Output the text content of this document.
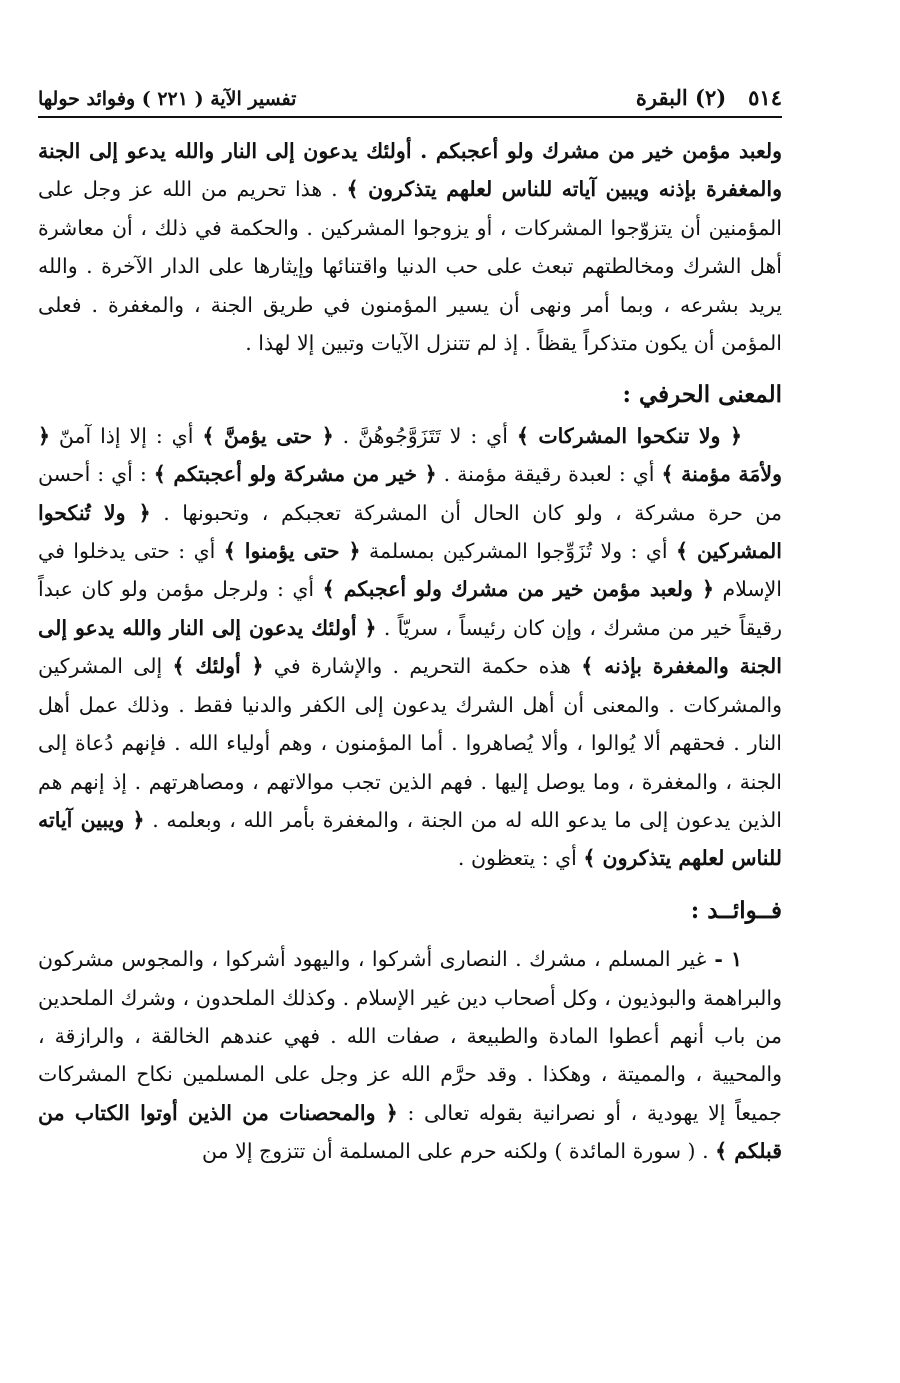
٥١٤
(٢) البقرة
تفسير الآية ( ٢٢١ ) وفوائد حولها

ولعبد مؤمن خير من مشرك ولو أعجبكم . أولئك يدعون إلى النار والله يدعو إلى الجنة والمغفرة بإذنه ويبين آياته للناس لعلهم يتذكرون ﴾ . هذا تحريم من الله عز وجل على المؤمنين أن يتزوّجوا المشركات ، أو يزوجوا المشركين . والحكمة في ذلك ، أن معاشرة أهل الشرك ومخالطتهم تبعث على حب الدنيا واقتنائها وإيثارها على الدار الآخرة . والله يريد بشرعه ، وبما أمر ونهى أن يسير المؤمنون في طريق الجنة ، والمغفرة . فعلى المؤمن أن يكون متذكراً يقظاً . إذ لم تتنزل الآيات وتبين إلا لهذا .

المعنى الحرفي :

﴿ ولا تنكحوا المشركات ﴾ أي : لا تَتَزَوَّجُوهُنَّ . ﴿ حتى يؤمنَّ ﴾ أي : إلا إذا آمنّ ﴿ ولأمَة مؤمنة ﴾ أي : لعبدة رقيقة مؤمنة . ﴿ خير من مشركة ولو أعجبتكم ﴾ : أي : أحسن من حرة مشركة ، ولو كان الحال أن المشركة تعجبكم ، وتحبونها . ﴿ ولا تُنكحوا المشركين ﴾ أي : ولا تُزَوِّجوا المشركين بمسلمة ﴿ حتى يؤمنوا ﴾ أي : حتى يدخلوا في الإسلام ﴿ ولعبد مؤمن خير من مشرك ولو أعجبكم ﴾ أي : ولرجل مؤمن ولو كان عبداً رقيقاً خير من مشرك ، وإن كان رئيساً ، سريّاً . ﴿ أولئك يدعون إلى النار والله يدعو إلى الجنة والمغفرة بإذنه ﴾ هذه حكمة التحريم . والإشارة في ﴿ أولئك ﴾ إلى المشركين والمشركات . والمعنى أن أهل الشرك يدعون إلى الكفر والدنيا فقط . وذلك عمل أهل النار . فحقهم ألا يُوالوا ، وألا يُصاهروا . أما المؤمنون ، وهم أولياء الله . فإنهم دُعاة إلى الجنة ، والمغفرة ، وما يوصل إليها . فهم الذين تجب موالاتهم ، ومصاهرتهم . إذ إنهم هم الذين يدعون إلى ما يدعو الله له من الجنة ، والمغفرة بأمر الله ، وبعلمه . ﴿ ويبين آياته للناس لعلهم يتذكرون ﴾ أي : يتعظون .

فــوائــد :

١ - غير المسلم ، مشرك . النصارى أشركوا ، واليهود أشركوا ، والمجوس مشركون والبراهمة والبوذيون ، وكل أصحاب دين غير الإسلام . وكذلك الملحدون ، وشرك الملحدين من باب أنهم أعطوا المادة والطبيعة ، صفات الله . فهي عندهم الخالقة ، والرازقة ، والمحيية ، والمميتة ، وهكذا . وقد حرَّم الله عز وجل على المسلمين نكاح المشركات جميعاً إلا يهودية ، أو نصرانية بقوله تعالى : ﴿ والمحصنات من الذين أوتوا الكتاب من قبلكم ﴾ . ( سورة المائدة ) ولكنه حرم على المسلمة أن تتزوج إلا من
